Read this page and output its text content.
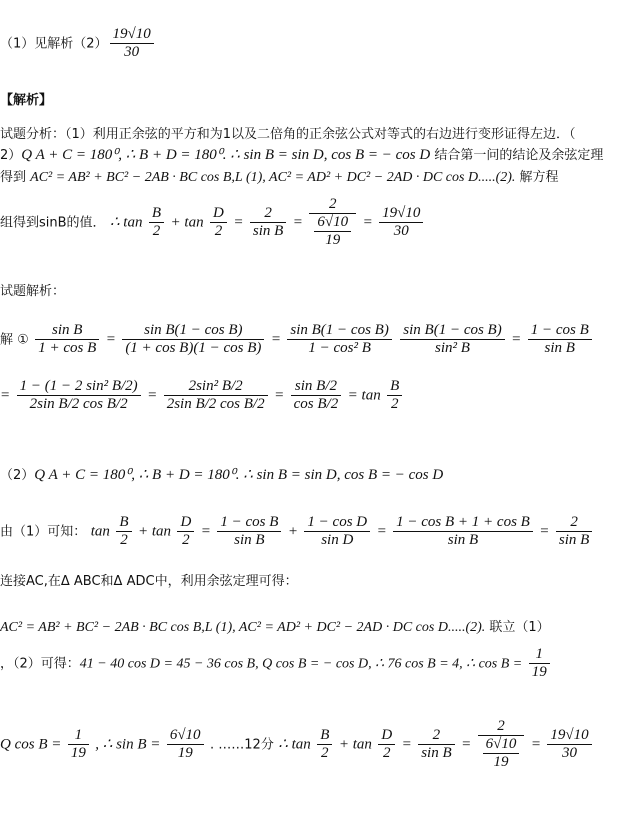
（1）见解析$(2) \frac{19√10}{30}$
【解析】
试题分析：（1）利用正余弦的平方和为1以及二倍角的正余弦公式对等式的右边进行变形证得左边．（
2）Q A + C = 180⁰, ∴ B + D = 180⁰. ∴ sin B = sin D, cos B = − cos D 结合第一问的结论及余弦定理
得到 AC² = AB² + BC² − 2AB · BC cos B,L (1), AC² = AD² + DC² − 2AD · DC cos D.....(2). 解方程
组得到sinB的值． ∴ $\tan \frac{B}{2} + \tan \frac{D}{2} = \frac{2}{\text{sin B}} = \frac{2}{\frac{6√10}{19}} = \frac{19√10}{30}$
试题解析：
解 ① $\frac{\text{sin B}}{\text{1 + cos B}} = \frac{\text{sin B(1 − cos B)}}{\text{(1 + cos B)(1 − cos B)}} = \frac{\text{sin B(1 − cos B)}}{\text{1 − cos² B}}$
$\frac{\text{sin B(1 − cos B)}}{\text{sin² B}} = \frac{\text{1 − cos B}}{\text{sin B}}$
= $\frac{\text{1 − (1 − 2 sin² B/2)}}{\text{2sin B/2 cos B/2}} = \frac{\text{2sin² B/2}}{\text{2sin B/2 cos B/2}} = \frac{\text{sin B/2}}{\text{cos B/2}} = \tan \frac{B}{2}$
（2）Q A + C = 180⁰, ∴ B + D = 180⁰. ∴ sin B = sin D, cos B = − cos D
由（1）可知： $\tan \frac{B}{2} + \tan \frac{D}{2} = \frac{\text{1 − cos B}}{\text{sin B}} + \frac{\text{1 − cos D}}{\text{sin D}} = \frac{\text{1 − cos B + 1 + cos B}}{\text{sin B}} = \frac{2}{\text{sin B}}$
连接AC,在Δ ABC和Δ ADC中，利用余弦定理可得：
AC² = AB² + BC² − 2AB · BC cos B,L (1), AC² = AD² + DC² − 2AD · DC cos D.....(2). 联立（1）
，（2）可得：41 − 40 cos D = 45 − 36 cos B, Q cos B = − cos D, ∴ 76 cos B = 4, ∴ $\cos B = \frac{1}{19}$
Q $\cos B = \frac{1}{19}$ , ∴ $\sin B = \frac{6√10}{19}$ . ……12分 ∴ $\tan \frac{B}{2} + \tan \frac{D}{2} = \frac{2}{\text{sin B}} = \frac{2}{\frac{6√10}{19}} = \frac{19√10}{30}$
